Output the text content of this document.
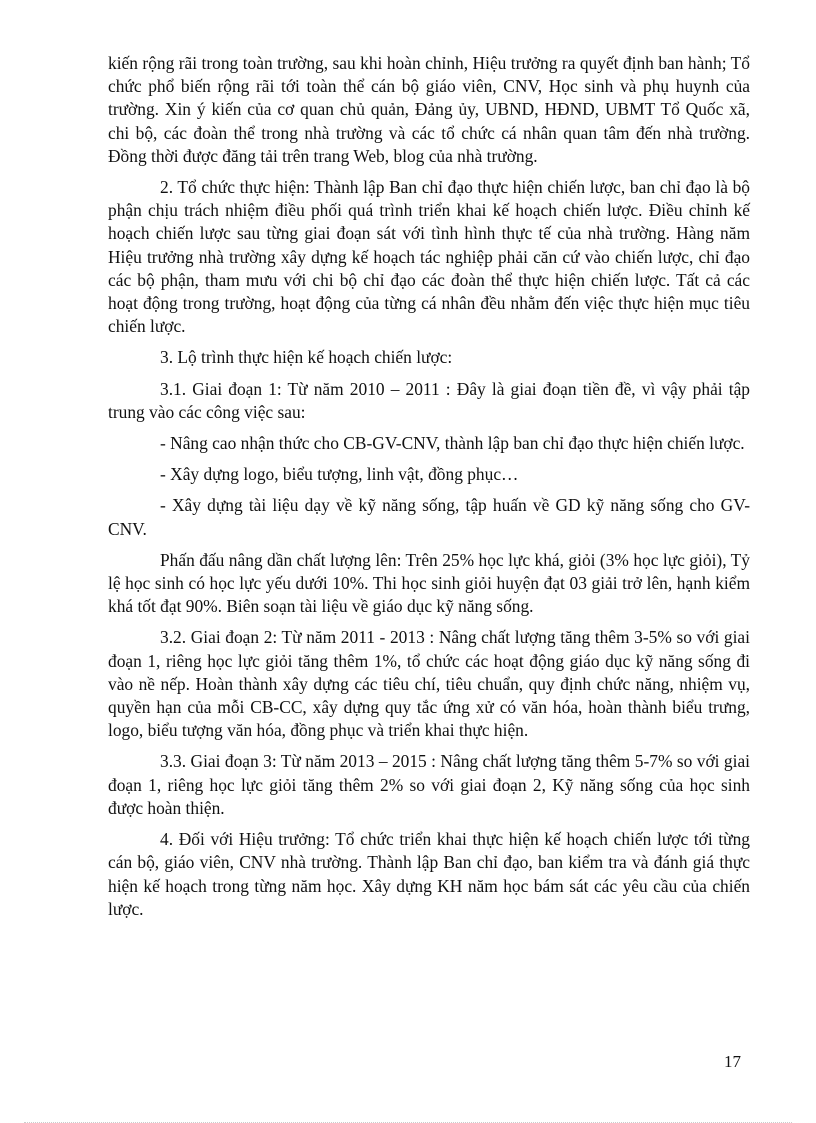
kiến rộng rãi trong toàn trường, sau khi hoàn chỉnh, Hiệu trưởng ra quyết định ban hành; Tổ chức phổ biến rộng rãi tới toàn thể cán bộ giáo viên, CNV, Học sinh và phụ huynh của trường. Xin ý kiến của cơ quan chủ quản, Đảng ủy, UBND, HĐND, UBMT Tổ Quốc xã, chi bộ, các đoàn thể trong nhà trường và các tổ chức cá nhân quan tâm đến nhà trường. Đồng thời được đăng tải trên trang Web, blog của nhà trường.

2. Tổ chức thực hiện: Thành lập Ban chỉ đạo thực hiện chiến lược, ban chỉ đạo là bộ phận chịu trách nhiệm điều phối quá trình triển khai kế hoạch chiến lược. Điều chỉnh kế hoạch chiến lược sau từng giai đoạn sát với tình hình thực tế của nhà trường. Hàng năm Hiệu trưởng nhà trường xây dựng kế hoạch tác nghiệp phải căn cứ vào chiến lược, chỉ đạo các bộ phận, tham mưu với chi bộ chỉ đạo các đoàn thể thực hiện chiến lược. Tất cả các hoạt động trong trường, hoạt động của từng cá nhân đều nhằm đến việc thực hiện mục tiêu chiến lược.

3. Lộ trình thực hiện kế hoạch chiến lược:

3.1. Giai đoạn 1: Từ năm 2010 – 2011 : Đây là giai đoạn tiền đề, vì vậy phải tập trung vào các công việc sau:

- Nâng cao nhận thức cho CB-GV-CNV, thành lập ban chỉ đạo thực hiện chiến lược.

- Xây dựng logo, biểu tượng, linh vật, đồng phục…

- Xây dựng tài liệu dạy về kỹ năng sống, tập huấn về GD kỹ năng sống cho GV-CNV.

Phấn đấu nâng dần chất lượng lên: Trên 25% học lực khá, giỏi (3% học lực giỏi), Tỷ lệ học sinh có học lực yếu dưới 10%. Thi học sinh giỏi huyện đạt 03 giải trở lên, hạnh kiểm khá tốt đạt 90%. Biên soạn tài liệu về giáo dục kỹ năng sống.

3.2. Giai đoạn 2: Từ năm 2011 - 2013 : Nâng chất lượng tăng thêm 3-5% so với giai đoạn 1, riêng học lực giỏi tăng thêm 1%, tổ chức các hoạt động giáo dục kỹ năng sống đi vào nề nếp. Hoàn thành xây dựng các tiêu chí, tiêu chuẩn, quy định chức năng, nhiệm vụ, quyền hạn của mỗi CB-CC, xây dựng quy tắc ứng xử có văn hóa, hoàn thành biểu trưng, logo, biểu tượng văn hóa, đồng phục và triển khai thực hiện.

3.3. Giai đoạn 3: Từ năm 2013 – 2015 : Nâng chất lượng tăng thêm 5-7% so với giai đoạn 1, riêng học lực giỏi tăng thêm 2% so với giai đoạn 2, Kỹ năng sống của học sinh được hoàn thiện.

4. Đối với Hiệu trưởng: Tổ chức triển khai thực hiện kế hoạch chiến lược tới từng cán bộ, giáo viên, CNV nhà trường. Thành lập Ban chỉ đạo, ban kiểm tra và đánh giá thực hiện kế hoạch trong từng năm học. Xây dựng KH năm học bám sát các yêu cầu của chiến lược.

17
